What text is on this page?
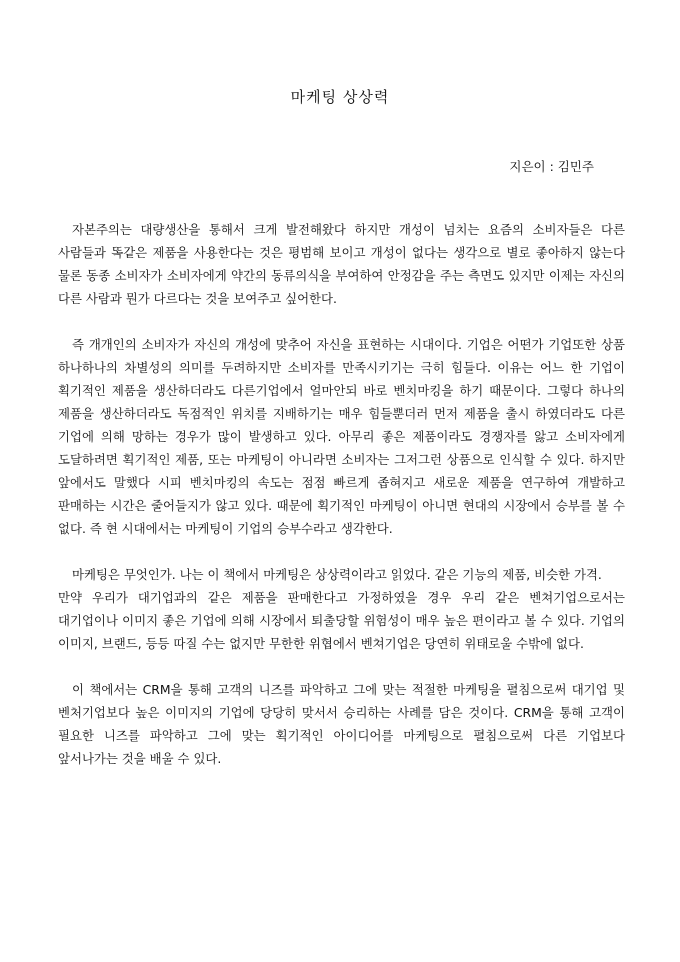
마케팅 상상력

지은이 : 김민주

자본주의는 대량생산을 통해서 크게 발전해왔다 하지만 개성이 넘치는 요즘의 소비자들은 다른 사람들과 똑같은 제품을 사용한다는 것은 평범해 보이고 개성이 없다는 생각으로 별로 좋아하지 않는다 물론 동종 소비자가 소비자에게 약간의 동류의식을 부여하여 안정감을 주는 측면도 있지만 이제는 자신의 다른 사람과 뭔가 다르다는 것을 보여주고 싶어한다.

즉 개개인의 소비자가 자신의 개성에 맞추어 자신을 표현하는 시대이다. 기업은 어떤가 기업또한 상품 하나하나의 차별성의 의미를 두려하지만 소비자를 만족시키기는 극히 힘들다. 이유는 어느 한 기업이 획기적인 제품을 생산하더라도 다른기업에서 얼마안되 바로 벤치마킹을 하기 때문이다. 그렇다 하나의 제품을 생산하더라도 독점적인 위치를 지배하기는 매우 힘들뿐더러 먼저 제품을 출시 하였더라도 다른 기업에 의해 망하는 경우가 많이 발생하고 있다. 아무리 좋은 제품이라도 경쟁자를 앓고 소비자에게 도달하려면 획기적인 제품, 또는 마케팅이 아니라면 소비자는 그저그런 상품으로 인식할 수 있다. 하지만 앞에서도 말했다 시피 벤치마킹의 속도는 점점 빠르게 좁혀지고 새로운 제품을 연구하여 개발하고 판매하는 시간은 줄어들지가 않고 있다. 때문에 획기적인 마케팅이 아니면 현대의 시장에서 승부를 볼 수 없다. 즉 현 시대에서는 마케팅이 기업의 승부수라고 생각한다.

마케팅은 무엇인가. 나는 이 책에서 마케팅은 상상력이라고 읽었다. 같은 기능의 제품, 비슷한 가격.

만약 우리가 대기업과의 같은 제품을 판매한다고 가정하였을 경우 우리 같은 벤쳐기업으로서는 대기업이나 이미지 좋은 기업에 의해 시장에서 퇴출당할 위험성이 매우 높은 편이라고 볼 수 있다. 기업의 이미지, 브랜드, 등등 따질 수는 없지만 무한한 위협에서 벤쳐기업은 당연히 위태로울 수밖에 없다.

이 책에서는 CRM을 통해 고객의 니즈를 파악하고 그에 맞는 적절한 마케팅을 펼침으로써 대기업 및 벤처기업보다 높은 이미지의 기업에 당당히 맞서서 승리하는 사례를 담은 것이다. CRM을 통해 고객이 필요한 니즈를 파악하고 그에 맞는 획기적인 아이디어를 마케팅으로 펼침으로써 다른 기업보다 앞서나가는 것을 배울 수 있다.
